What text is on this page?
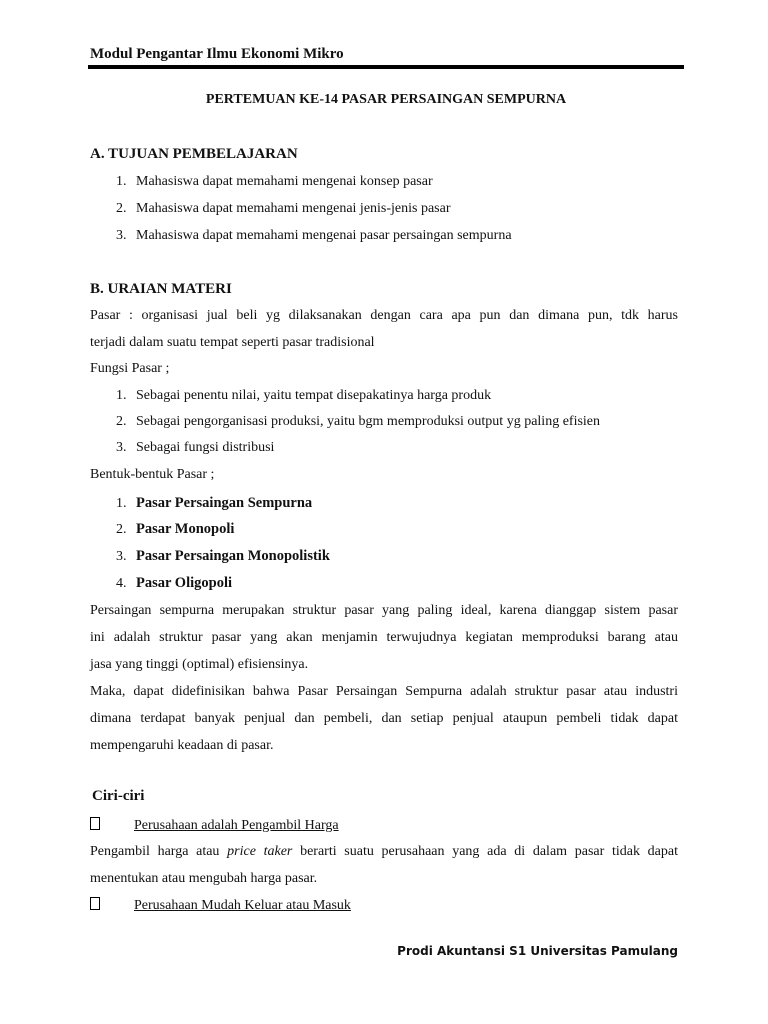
Modul Pengantar Ilmu Ekonomi Mikro
PERTEMUAN KE-14 PASAR PERSAINGAN SEMPURNA
A. TUJUAN PEMBELAJARAN
1. Mahasiswa dapat memahami mengenai konsep pasar
2. Mahasiswa dapat memahami mengenai jenis-jenis pasar
3. Mahasiswa dapat memahami mengenai pasar persaingan sempurna
B. URAIAN MATERI
Pasar : organisasi jual beli yg dilaksanakan dengan cara apa pun dan dimana pun, tdk harus
terjadi dalam suatu tempat seperti pasar tradisional
Fungsi Pasar ;
1. Sebagai penentu nilai, yaitu tempat disepakatinya harga produk
2. Sebagai pengorganisasi produksi, yaitu bgm memproduksi output yg paling efisien
3. Sebagai fungsi distribusi
Bentuk-bentuk Pasar ;
1. Pasar Persaingan Sempurna
2. Pasar Monopoli
3. Pasar Persaingan Monopolistik
4. Pasar Oligopoli
Persaingan sempurna merupakan struktur pasar yang paling ideal, karena dianggap sistem pasar
ini adalah struktur pasar yang akan menjamin terwujudnya kegiatan memproduksi barang atau
jasa yang tinggi (optimal) efisiensinya.
Maka, dapat didefinisikan bahwa Pasar Persaingan Sempurna adalah struktur pasar atau industri
dimana terdapat banyak penjual dan pembeli, dan setiap penjual ataupun pembeli tidak dapat
mempengaruhi keadaan di pasar.
Ciri-ciri
Perusahaan adalah Pengambil Harga
Pengambil harga atau price taker berarti suatu perusahaan yang ada di dalam pasar tidak dapat
menentukan atau mengubah harga pasar.
Perusahaan Mudah Keluar atau Masuk
Prodi Akuntansi S1 Universitas Pamulang
